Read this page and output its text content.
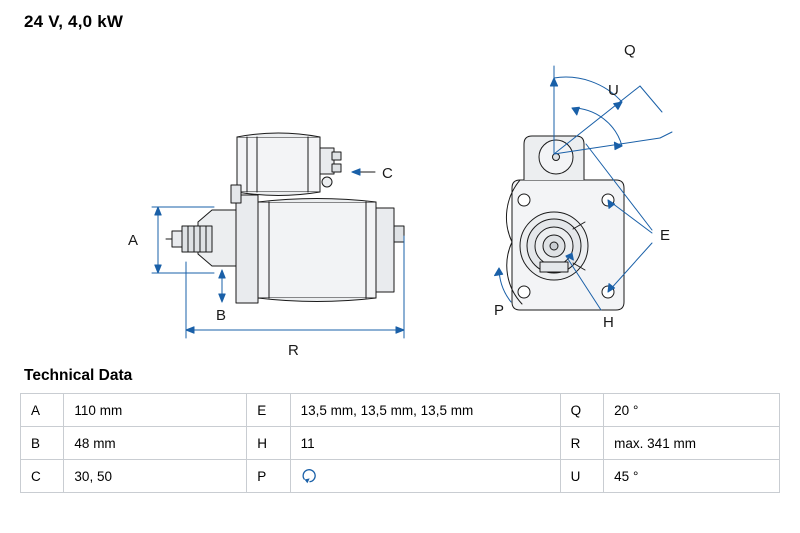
24 V, 4,0 kW
A
B
C
R
E
H
P
Q
U
Technical Data
A	110 mm	E	13,5 mm, 13,5 mm, 13,5 mm	Q	20 °
B	48 mm	H	11	R	max. 341 mm
C	30, 50	P		U	45 °
